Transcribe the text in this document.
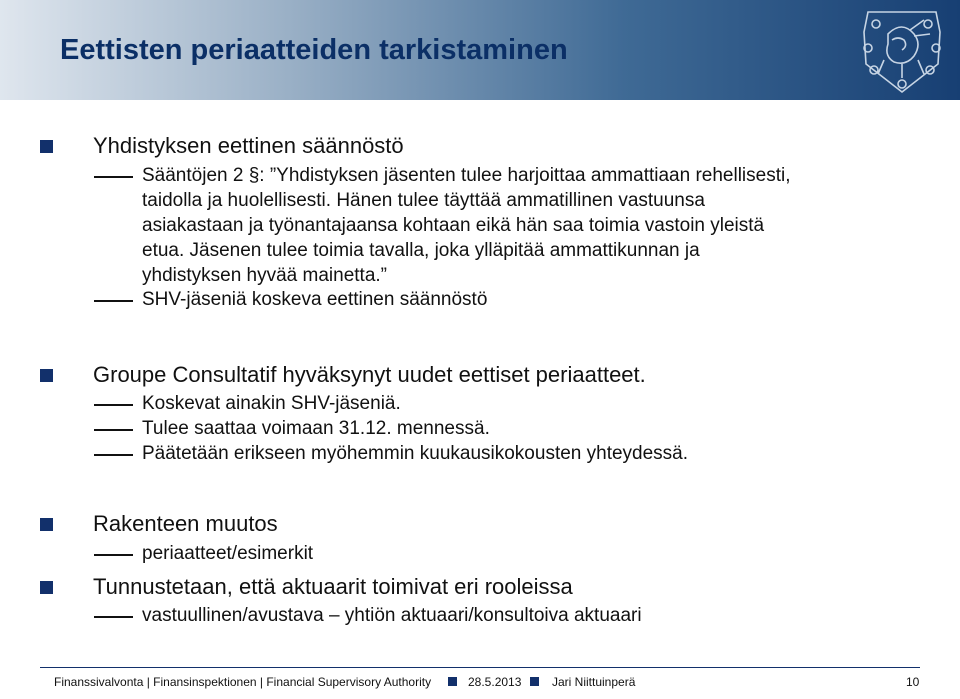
Eettisten periaatteiden tarkistaminen
Yhdistyksen eettinen säännöstö
Sääntöjen 2 §: ”Yhdistyksen jäsenten tulee harjoittaa ammattiaan rehellisesti,
taidolla ja huolellisesti. Hänen tulee täyttää ammatillinen vastuunsa
asiakastaan ja työnantajaansa kohtaan eikä hän saa toimia vastoin yleistä
etua. Jäsenen tulee toimia tavalla, joka ylläpitää ammattikunnan ja
yhdistyksen hyvää mainetta.”
SHV-jäseniä koskeva eettinen säännöstö
Groupe Consultatif hyväksynyt uudet eettiset periaatteet.
Koskevat ainakin SHV-jäseniä.
Tulee saattaa voimaan 31.12. mennessä.
Päätetään erikseen myöhemmin kuukausikokousten yhteydessä.
Rakenteen muutos
periaatteet/esimerkit
Tunnustetaan, että aktuaarit toimivat eri rooleissa
vastuullinen/avustava – yhtiön aktuaari/konsultoiva aktuaari
Finanssivalvonta | Finansinspektionen | Financial Supervisory Authority	28.5.2013	Jari Niittuinperä	10
